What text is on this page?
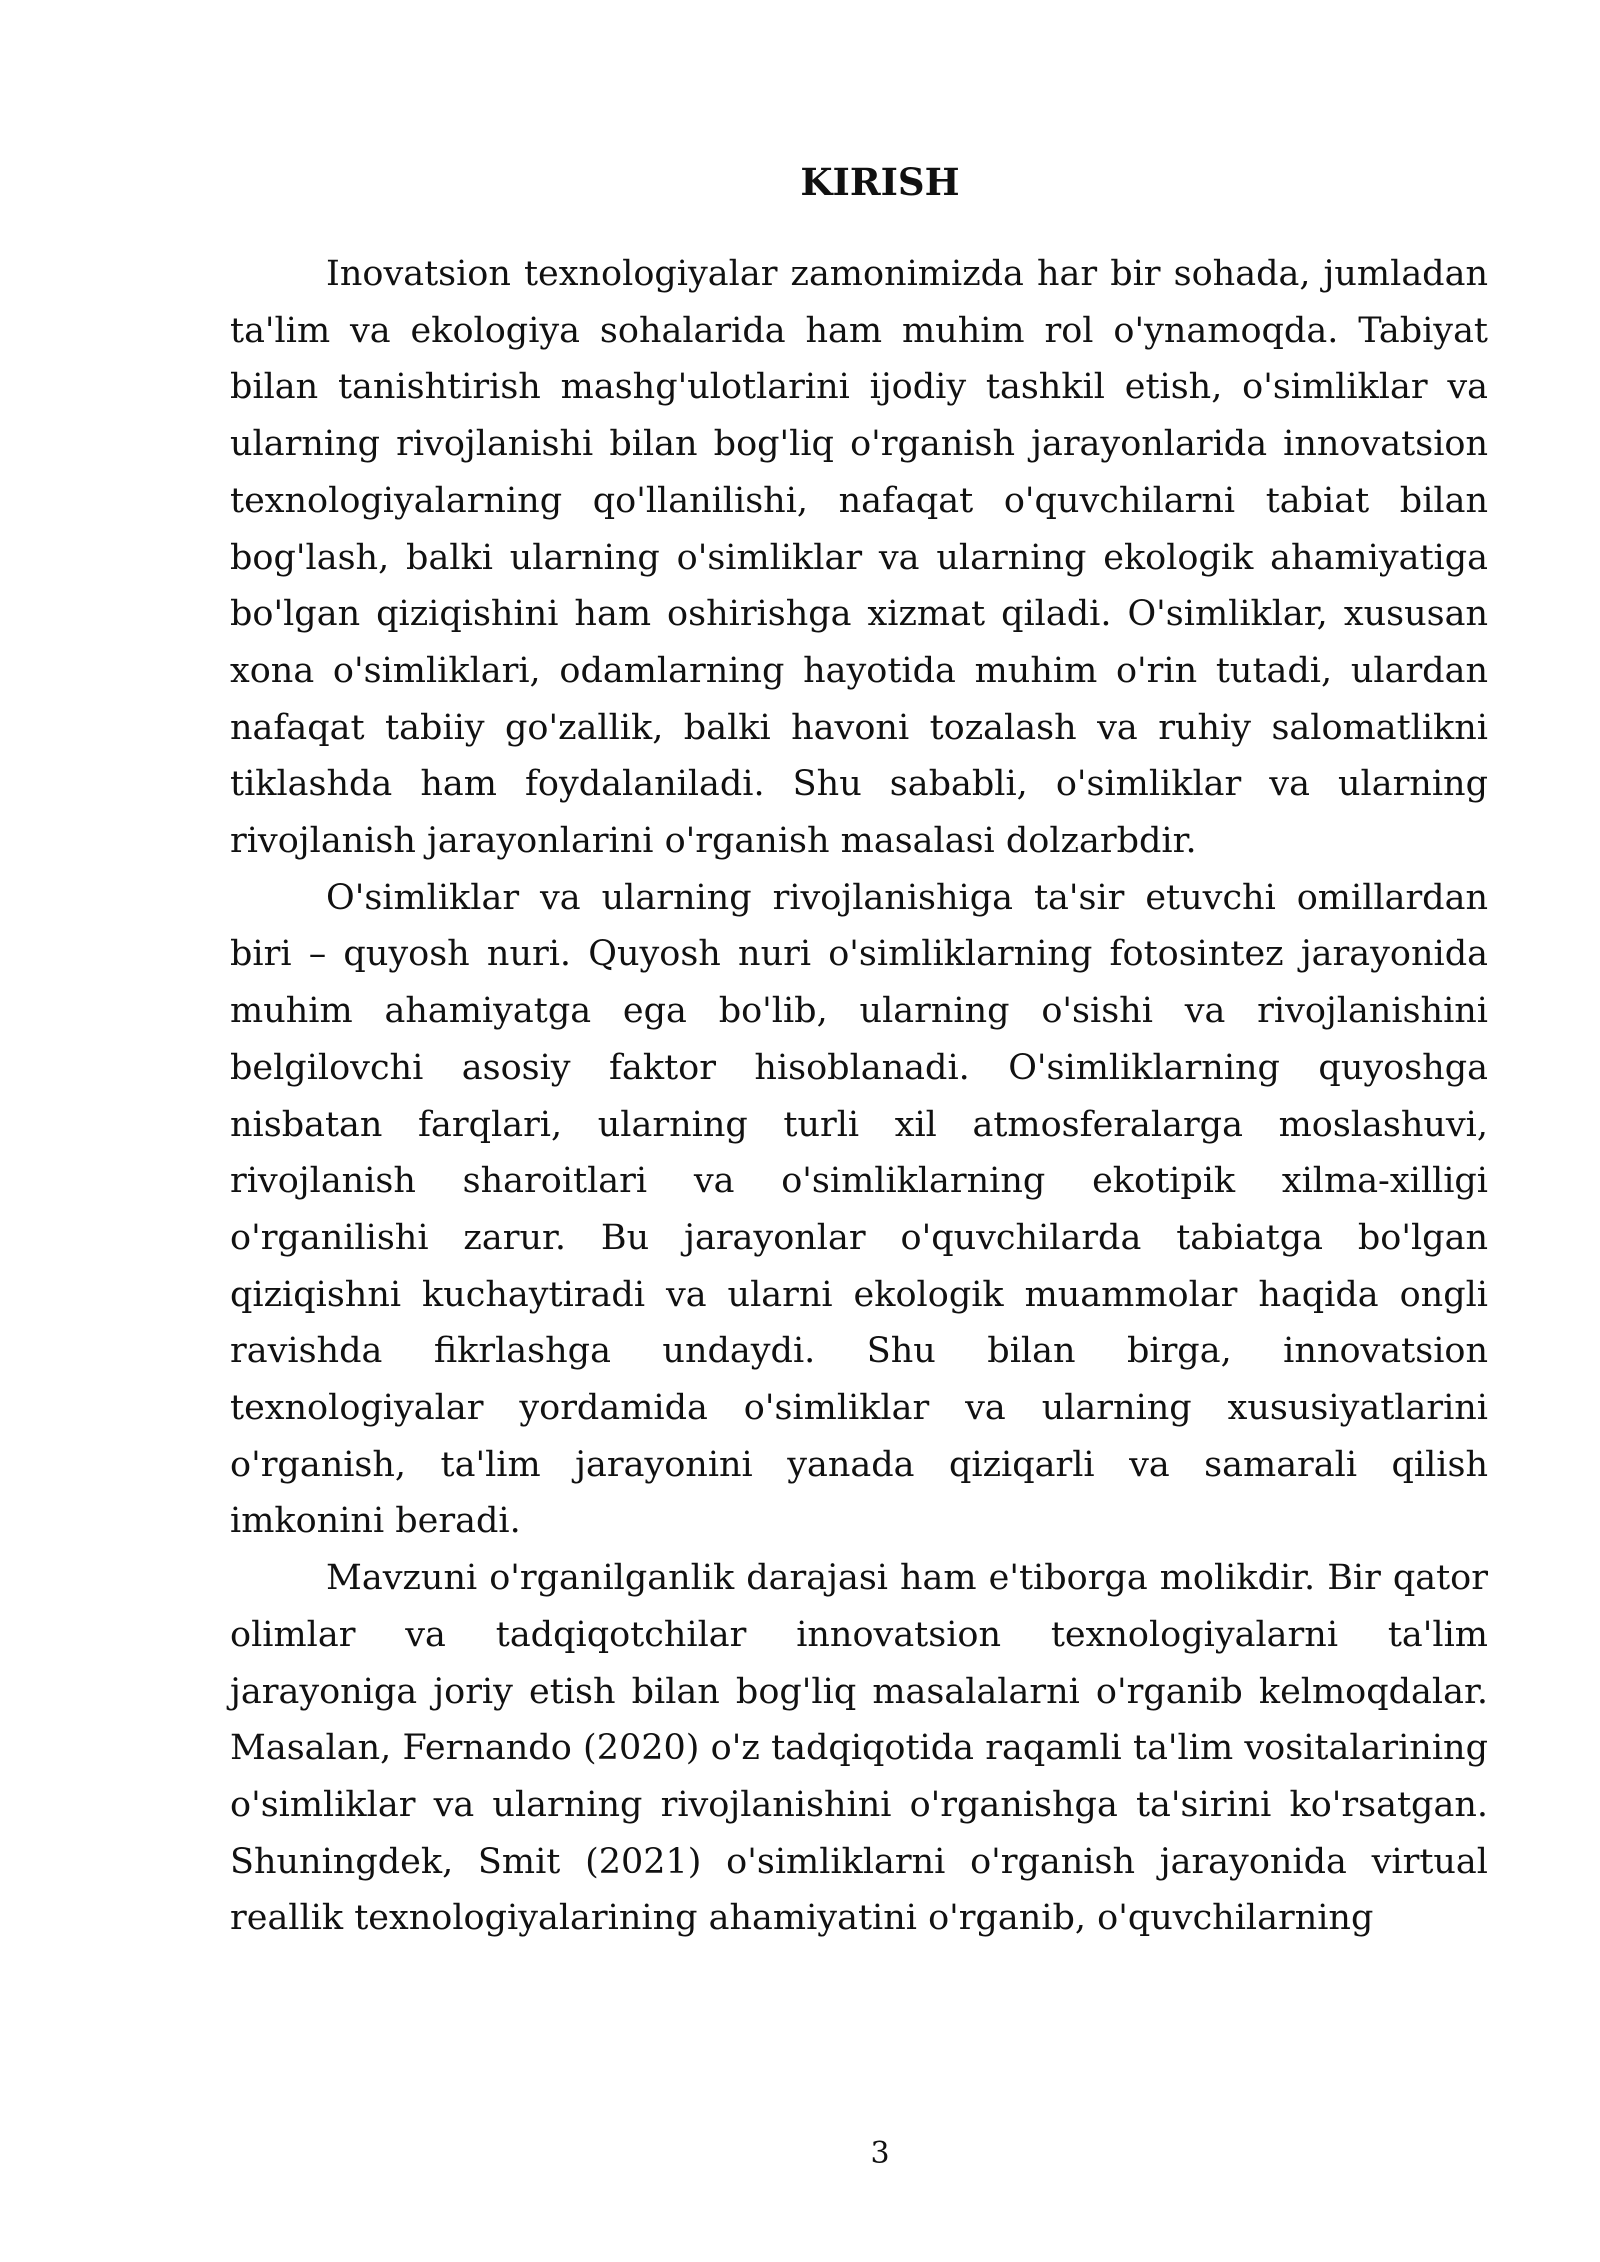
KIRISH

Inovatsion texnologiyalar zamonimizda har bir sohada, jumladan ta'lim va ekologiya sohalarida ham muhim rol o'ynamoqda. Tabiyat bilan tanishtirish mashg'ulotlarini ijodiy tashkil etish, o'simliklar va ularning rivojlanishi bilan bog'liq o'rganish jarayonlarida innovatsion texnologiyalarning qo'llanilishi, nafaqat o'quvchilarni tabiat bilan bog'lash, balki ularning o'simliklar va ularning ekologik ahamiyatiga bo'lgan qiziqishini ham oshirishga xizmat qiladi. O'simliklar, xususan xona o'simliklari, odamlarning hayotida muhim o'rin tutadi, ulardan nafaqat tabiiy go'zallik, balki havoni tozalash va ruhiy salomatlikni tiklashda ham foydalaniladi. Shu sababli, o'simliklar va ularning rivojlanish jarayonlarini o'rganish masalasi dolzarbdir.

O'simliklar va ularning rivojlanishiga ta'sir etuvchi omillardan biri – quyosh nuri. Quyosh nuri o'simliklarning fotosintez jarayonida muhim ahamiyatga ega bo'lib, ularning o'sishi va rivojlanishini belgilovchi asosiy faktor hisoblanadi. O'simliklarning quyoshga nisbatan farqlari, ularning turli xil atmosferalarga moslashuvi, rivojlanish sharoitlari va o'simliklarning ekotipik xilma-xilligi o'rganilishi zarur. Bu jarayonlar o'quvchilarda tabiatga bo'lgan qiziqishni kuchaytiradi va ularni ekologik muammolar haqida ongli ravishda fikrlashga undaydi. Shu bilan birga, innovatsion texnologiyalar yordamida o'simliklar va ularning xususiyatlarini o'rganish, ta'lim jarayonini yanada qiziqarli va samarali qilish imkonini beradi.

Mavzuni o'rganilganlik darajasi ham e'tiborga molikdir. Bir qator olimlar va tadqiqotchilar innovatsion texnologiyalarni ta'lim jarayoniga joriy etish bilan bog'liq masalalarni o'rganib kelmoqdalar. Masalan, Fernando (2020) o'z tadqiqotida raqamli ta'lim vositalarining o'simliklar va ularning rivojlanishini o'rganishga ta'sirini ko'rsatgan. Shuningdek, Smit (2021) o'simliklarni o'rganish jarayonida virtual reallik texnologiyalarining ahamiyatini o'rganib, o'quvchilarning

3
